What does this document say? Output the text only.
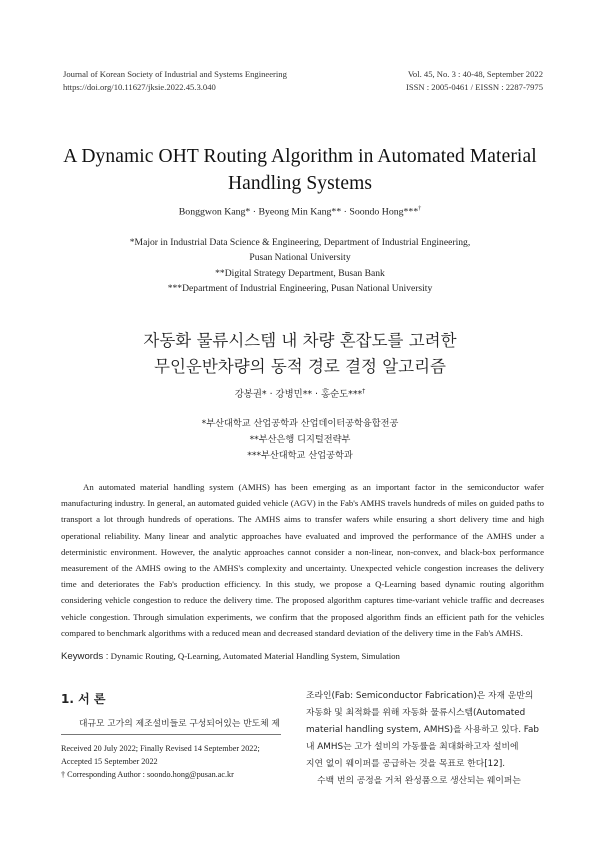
Journal of Korean Society of Industrial and Systems Engineering
https://doi.org/10.11627/jksie.2022.45.3.040
Vol. 45, No. 3 : 40-48, September 2022
ISSN : 2005-0461 / EISSN : 2287-7975
A Dynamic OHT Routing Algorithm in Automated Material Handling Systems
Bonggwon Kang* · Byeong Min Kang** · Soondo Hong***†
*Major in Industrial Data Science & Engineering, Department of Industrial Engineering,
Pusan National University
**Digital Strategy Department, Busan Bank
***Department of Industrial Engineering, Pusan National University
자동화 물류시스템 내 차량 혼잡도를 고려한
무인운반차량의 동적 경로 결정 알고리즘
강봉권* · 강병민** · 홍순도***†
*부산대학교 산업공학과 산업데이터공학융합전공
**부산은행 디지털전략부
***부산대학교 산업공학과
An automated material handling system (AMHS) has been emerging as an important factor in the semiconductor wafer manufacturing industry. In general, an automated guided vehicle (AGV) in the Fab's AMHS travels hundreds of miles on guided paths to transport a lot through hundreds of operations. The AMHS aims to transfer wafers while ensuring a short delivery time and high operational reliability. Many linear and analytic approaches have evaluated and improved the performance of the AMHS under a deterministic environment. However, the analytic approaches cannot consider a non-linear, non-convex, and black-box performance measurement of the AMHS owing to the AMHS's complexity and uncertainty. Unexpected vehicle congestion increases the delivery time and deteriorates the Fab's production efficiency. In this study, we propose a Q-Learning based dynamic routing algorithm considering vehicle congestion to reduce the delivery time. The proposed algorithm captures time-variant vehicle traffic and decreases vehicle congestion. Through simulation experiments, we confirm that the proposed algorithm finds an efficient path for the vehicles compared to benchmark algorithms with a reduced mean and decreased standard deviation of the delivery time in the Fab's AMHS.
Keywords : Dynamic Routing, Q-Learning, Automated Material Handling System, Simulation
1. 서 론
대규모 고가의 제조설비들로 구성되어있는 반도체 제
Received 20 July 2022; Finally Revised 14 September 2022;
Accepted 15 September 2022
† Corresponding Author : soondo.hong@pusan.ac.kr
조라인(Fab: Semiconductor Fabrication)은 자재 운반의
자동화 및 최적화를 위해 자동화 물류시스템(Automated
material handling system, AMHS)을 사용하고 있다. Fab
내 AMHS는 고가 설비의 가동률을 최대화하고자 설비에
지연 없이 웨이퍼를 공급하는 것을 목표로 한다[12].
수백 번의 공정을 거쳐 완성품으로 생산되는 웨이퍼는
